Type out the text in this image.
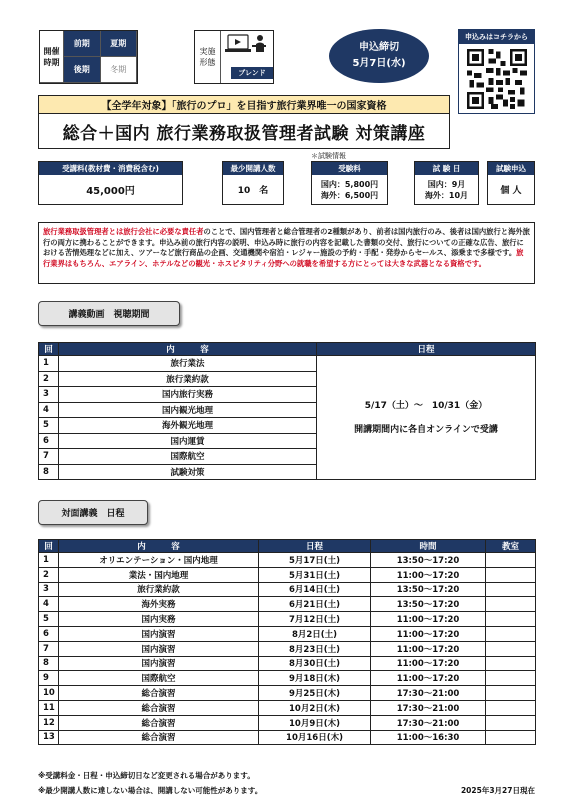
開催
時期
前期	夏期
後期	冬期
実施
形態
ブレンド
申込締切
5月7日(水)
申込みはコチラから
【全学年対象】「旅行のプロ」を目指す旅行業界唯一の国家資格
総合＋国内 旅行業務取扱管理者試験 対策講座
＊試験情報
受講料(教材費・消費税含む)
45,000円
最少開講人数
10　名
受験料
国内：5,800円
海外：6,500円
試 験 日
国内：9月
海外：10月
試験申込
個 人
旅行業務取扱管理者とは旅行会社に必要な責任者のことで、国内管理者と総合管理者の2種類があり、前者は国内旅行のみ、後者は国内旅行と海外旅行の両方に携わることができます。申込み前の旅行内容の説明、申込み時に旅行の内容を記載した書類の交付、旅行についての正確な広告、旅行における苦情処理などに加え、ツアーなど旅行商品の企画、交通機関や宿泊・レジャー施設の予約・手配・発券からセールス、添乗まで多様です。旅行業界はもちろん、エアライン、ホテルなどの観光・ホスピタリティ分野への就職を希望する方にとっては大きな武器となる資格です。
講義動画　視聴期間
回	内　　　容	日程
1	旅行業法	5/17（土）～　10/31（金）
開講期間内に各自オンラインで受講

2	旅行業約款	
3	国内旅行実務	
4	国内観光地理	
5	海外観光地理	
6	国内運賃	
7	国際航空	
8	試験対策	
対面講義　日程
回	内　　　容	日程	時間	教室
1	オリエンテーション・国内地理	5月17日(土)	13:50～17:20	
2	業法・国内地理	5月31日(土)	11:00～17:20	
3	旅行業約款	6月14日(土)	13:50～17:20	
4	海外実務	6月21日(土)	13:50～17:20	
5	国内実務	7月12日(土)	11:00～17:20	
6	国内演習	8月2日(土)	11:00～17:20	
7	国内演習	8月23日(土)	11:00～17:20	
8	国内演習	8月30日(土)	11:00～17:20	
9	国際航空	9月18日(木)	11:00～17:20	
10	総合演習	9月25日(木)	17:30～21:00	
11	総合演習	10月2日(木)	17:30～21:00	
12	総合演習	10月9日(木)	17:30～21:00	
13	総合演習	10月16日(木)	11:00～16:30	
※受講料金・日程・申込締切日など変更される場合があります。
※最少開講人数に達しない場合は、開講しない可能性があります。	2025年3月27日現在
